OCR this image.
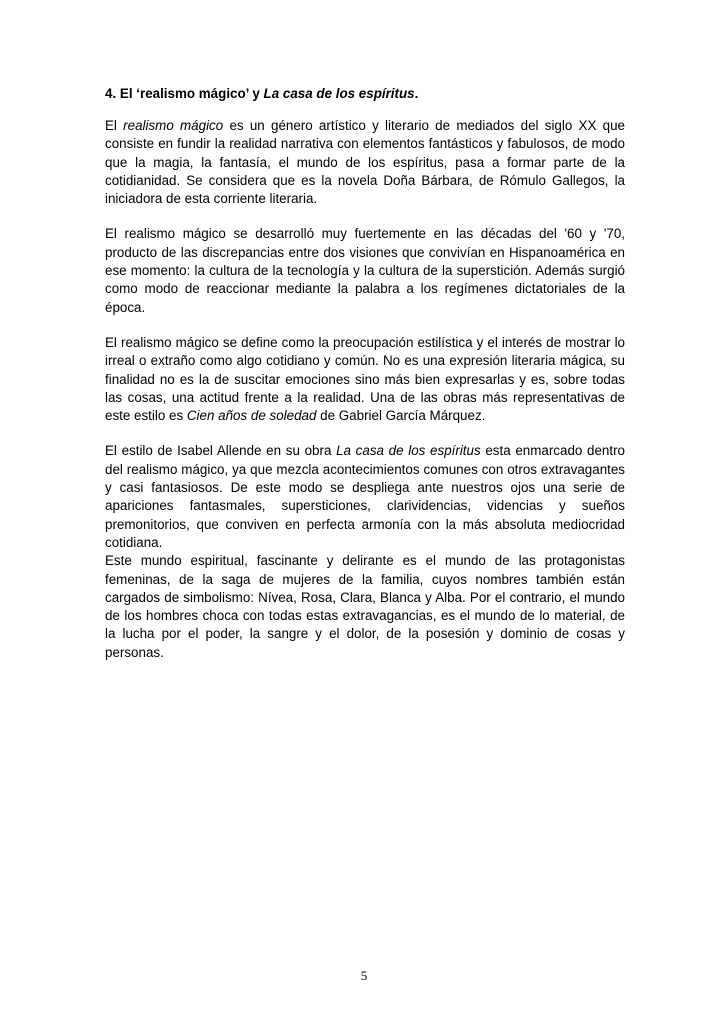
4. El ‘realismo mágico’ y La casa de los espíritus.

El realismo mágico es un género artístico y literario de mediados del siglo XX que consiste en fundir la realidad narrativa con elementos fantásticos y fabulosos, de modo que la magia, la fantasía, el mundo de los espíritus, pasa a formar parte de la cotidianidad. Se considera que es la novela Doña Bárbara, de Rómulo Gallegos, la iniciadora de esta corriente literaria.

El realismo mágico se desarrolló muy fuertemente en las décadas del '60 y '70, producto de las discrepancias entre dos visiones que convivían en Hispanoamérica en ese momento: la cultura de la tecnología y la cultura de la superstición. Además surgió como modo de reaccionar mediante la palabra a los regímenes dictatoriales de la época.

El realismo mágico se define como la preocupación estilística y el interés de mostrar lo irreal o extraño como algo cotidiano y común. No es una expresión literaria mágica, su finalidad no es la de suscitar emociones sino más bien expresarlas y es, sobre todas las cosas, una actitud frente a la realidad. Una de las obras más representativas de este estilo es Cien años de soledad de Gabriel García Márquez.

El estilo de Isabel Allende en su obra La casa de los espíritus esta enmarcado dentro del realismo mágico, ya que mezcla acontecimientos comunes con otros extravagantes y casi fantasiosos. De este modo se despliega ante nuestros ojos una serie de apariciones fantasmales, supersticiones, clarividencias, videncias y sueños premonitorios, que conviven en perfecta armonía con la más absoluta mediocridad cotidiana.

Este mundo espiritual, fascinante y delirante es el mundo de las protagonistas femeninas, de la saga de mujeres de la familia, cuyos nombres también están cargados de simbolismo: Nívea, Rosa, Clara, Blanca y Alba. Por el contrario, el mundo de los hombres choca con todas estas extravagancias, es el mundo de lo material, de la lucha por el poder, la sangre y el dolor, de la posesión y dominio de cosas y personas.

5
